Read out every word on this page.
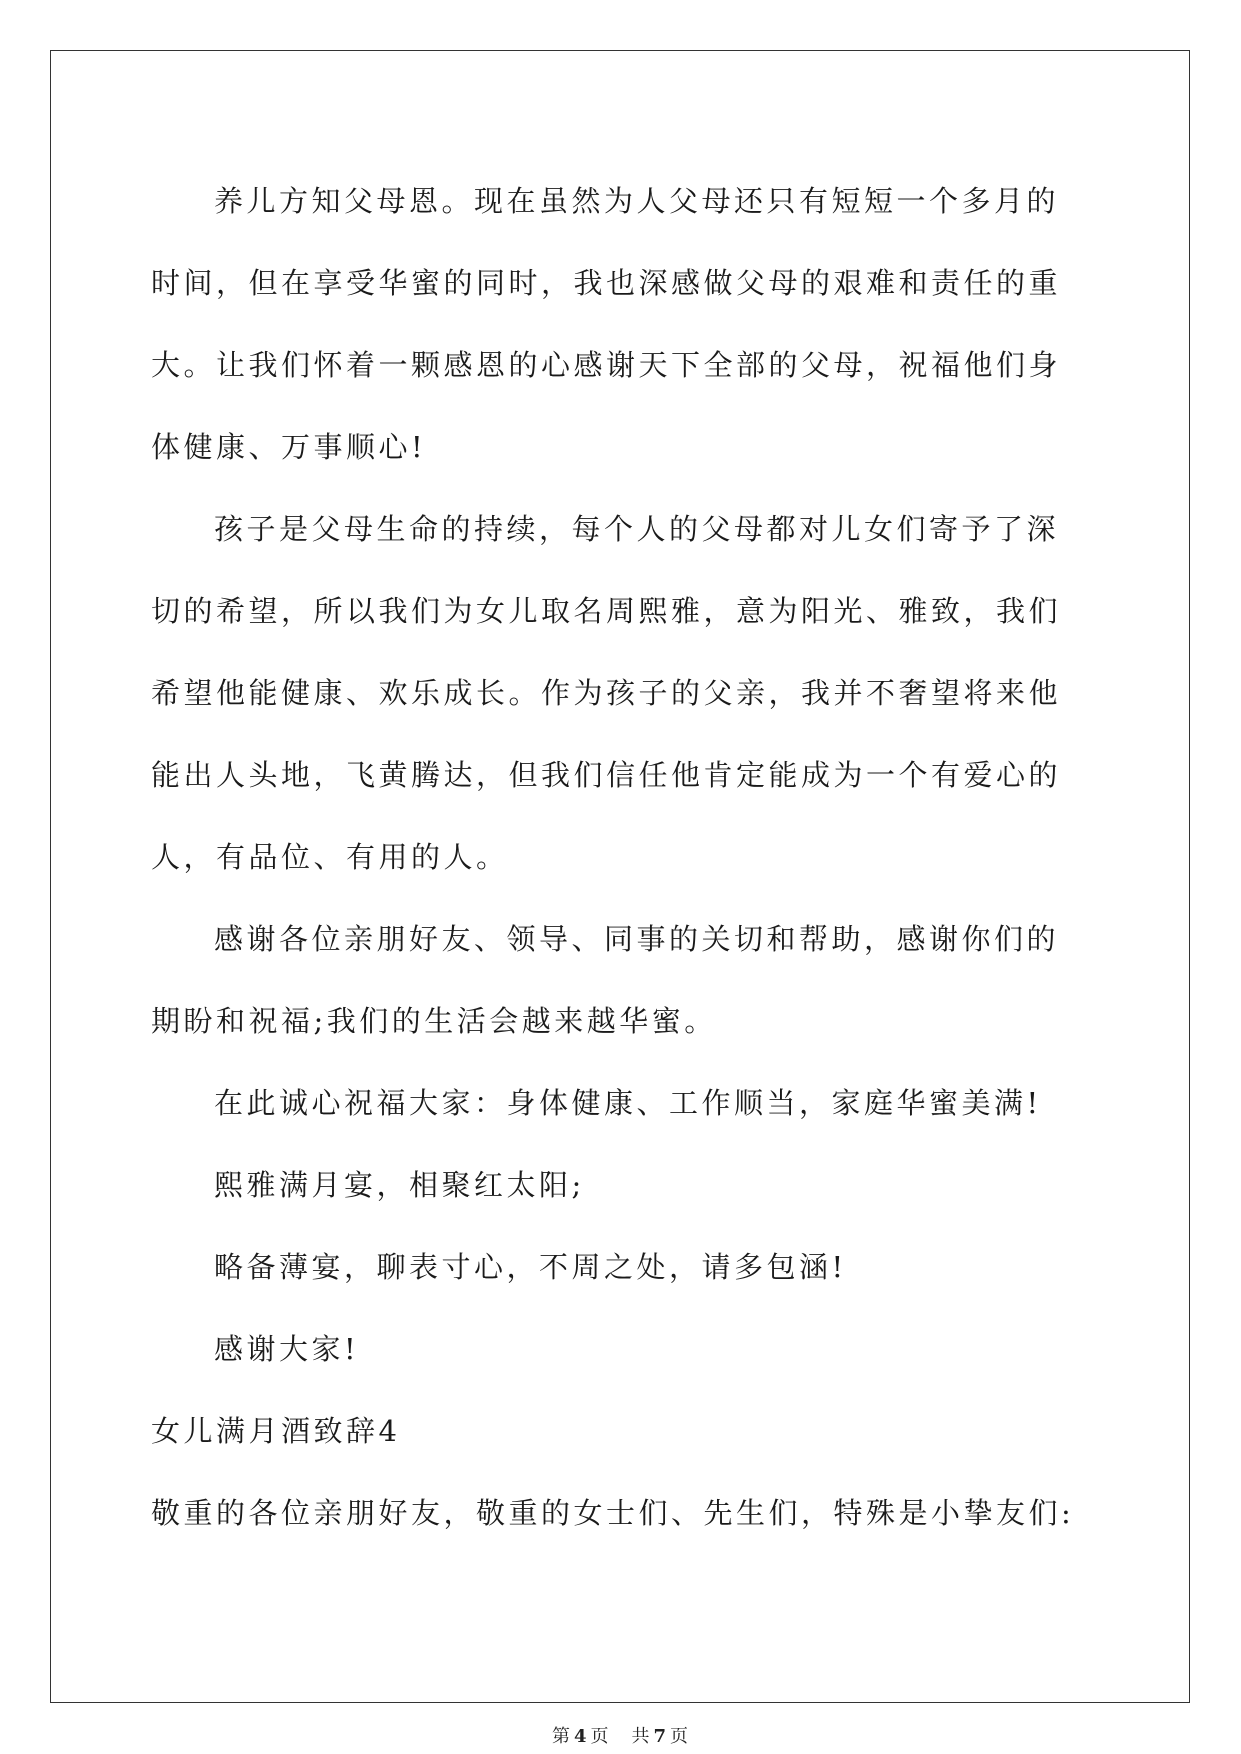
养儿方知父母恩。现在虽然为人父母还只有短短一个多月的时间，但在享受华蜜的同时，我也深感做父母的艰难和责任的重大。让我们怀着一颗感恩的心感谢天下全部的父母，祝福他们身体健康、万事顺心!

孩子是父母生命的持续，每个人的父母都对儿女们寄予了深切的希望，所以我们为女儿取名周熙雅，意为阳光、雅致，我们希望他能健康、欢乐成长。作为孩子的父亲，我并不奢望将来他能出人头地，飞黄腾达，但我们信任他肯定能成为一个有爱心的人，有品位、有用的人。

感谢各位亲朋好友、领导、同事的关切和帮助，感谢你们的期盼和祝福;我们的生活会越来越华蜜。

在此诚心祝福大家：身体健康、工作顺当，家庭华蜜美满!

熙雅满月宴，相聚红太阳;

略备薄宴，聊表寸心，不周之处，请多包涵!

感谢大家!

女儿满月酒致辞4

敬重的各位亲朋好友，敬重的女士们、先生们，特殊是小挚友们:

第 4 页 共 7 页
